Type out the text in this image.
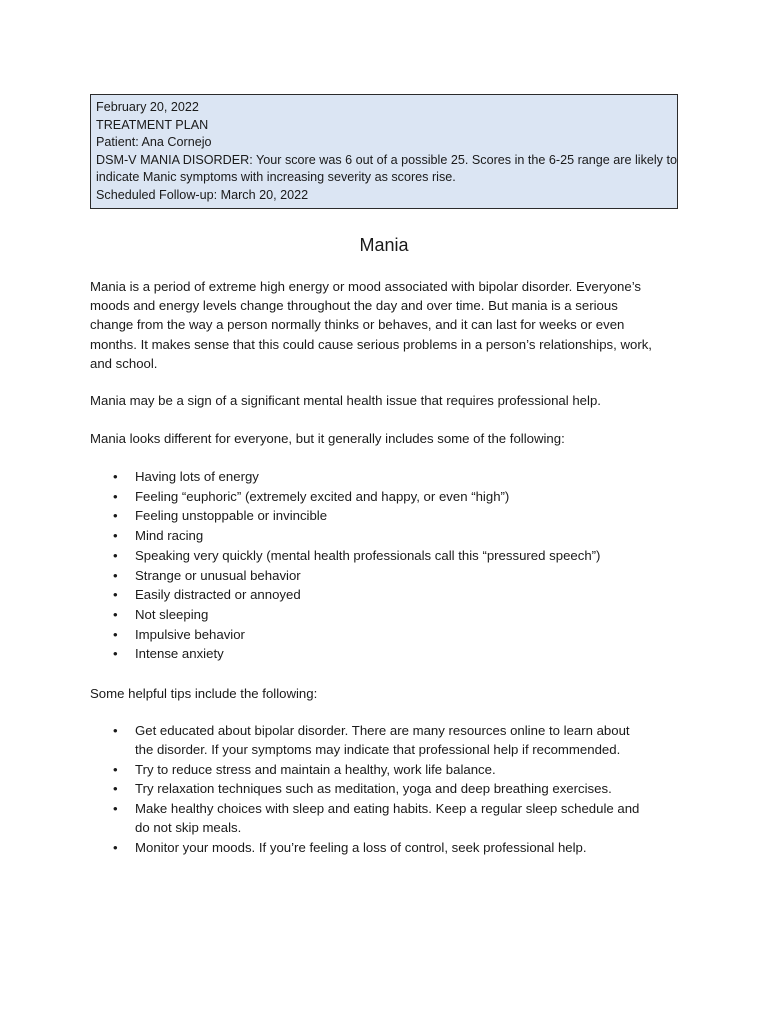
February 20, 2022
TREATMENT PLAN
Patient: Ana Cornejo
DSM-V MANIA DISORDER: Your score was 6 out of a possible 25. Scores in the 6-25 range are likely to
indicate Manic symptoms with increasing severity as scores rise.
Scheduled Follow-up: March 20, 2022
Mania
Mania is a period of extreme high energy or mood associated with bipolar disorder. Everyone’s
moods and energy levels change throughout the day and over time. But mania is a serious
change from the way a person normally thinks or behaves, and it can last for weeks or even
months. It makes sense that this could cause serious problems in a person’s relationships, work,
and school.

Mania may be a sign of a significant mental health issue that requires professional help.

Mania looks different for everyone, but it generally includes some of the following:

• Having lots of energy
• Feeling “euphoric” (extremely excited and happy, or even “high”)
• Feeling unstoppable or invincible
• Mind racing
• Speaking very quickly (mental health professionals call this “pressured speech”)
• Strange or unusual behavior
• Easily distracted or annoyed
• Not sleeping
• Impulsive behavior
• Intense anxiety

Some helpful tips include the following:

• Get educated about bipolar disorder. There are many resources online to learn about
the disorder. If your symptoms may indicate that professional help if recommended.
• Try to reduce stress and maintain a healthy, work life balance.
• Try relaxation techniques such as meditation, yoga and deep breathing exercises.
• Make healthy choices with sleep and eating habits. Keep a regular sleep schedule and
do not skip meals.
• Monitor your moods. If you’re feeling a loss of control, seek professional help.
